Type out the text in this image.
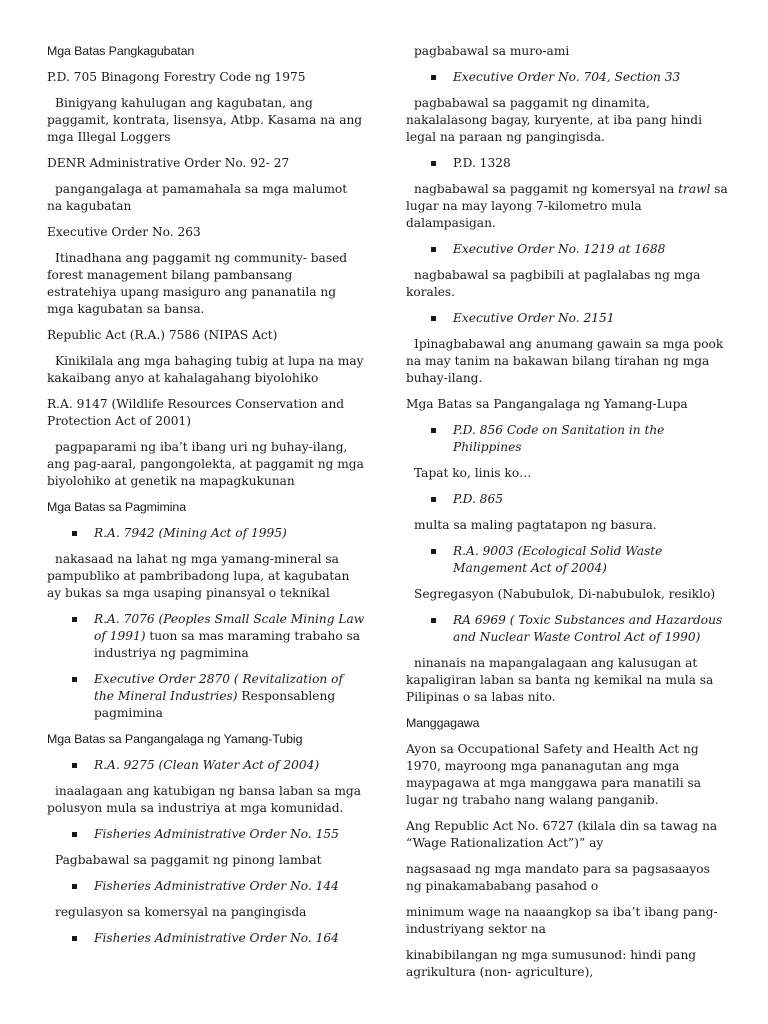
Mga Batas Pangkagubatan
P.D. 705 Binagong Forestry Code ng 1975
Binigyang kahulugan ang kagubatan, ang paggamit, kontrata, lisensya, Atbp. Kasama na ang mga Illegal Loggers
DENR Administrative Order No. 92- 27
pangangalaga at pamamahala sa mga malumot na kagubatan
Executive Order No. 263
Itinadhana ang paggamit ng community- based forest management bilang pambansang estratehiya upang masiguro ang pananatila ng mga kagubatan sa bansa.
Republic Act (R.A.) 7586 (NIPAS Act)
Kinikilala ang mga bahaging tubig at lupa na may kakaibang anyo at kahalagahang biyolohiko
R.A. 9147 (Wildlife Resources Conservation and Protection Act of 2001)
pagpaparami ng iba’t ibang uri ng buhay-ilang, ang pag-aaral, pangongolekta, at paggamit ng mga biyolohiko at genetik na mapagkukunan
Mga Batas sa Pagmimina
R.A. 7942 (Mining Act of 1995)
nakasaad na lahat ng mga yamang-mineral sa pampubliko at pambribadong lupa, at kagubatan ay bukas sa mga usaping pinansyal o teknikal
R.A. 7076 (Peoples Small Scale Mining Law of 1991) tuon sa mas maraming trabaho sa industriya ng pagmimina
Executive Order 2870 ( Revitalization of the Mineral Industries) Responsableng pagmimina
Mga Batas sa Pangangalaga ng Yamang-Tubig
R.A. 9275 (Clean Water Act of 2004)
inaalagaan ang katubigan ng bansa laban sa mga polusyon mula sa industriya at mga komunidad.
Fisheries Administrative Order No. 155
Pagbabawal sa paggamit ng pinong lambat
Fisheries Administrative Order No. 144
regulasyon sa komersyal na pangingisda
Fisheries Administrative Order No. 164
pagbabawal sa muro-ami
Executive Order No. 704, Section 33
pagbabawal sa paggamit ng dinamita, nakalalasong bagay, kuryente, at iba pang hindi legal na paraan ng pangingisda.
P.D. 1328
nagbabawal sa paggamit ng komersyal na trawl sa lugar na may layong 7-kilometro mula dalampasigan.
Executive Order No. 1219 at 1688
nagbabawal sa pagbibili at paglalabas ng mga korales.
Executive Order No. 2151
Ipinagbabawal ang anumang gawain sa mga pook na may tanim na bakawan bilang tirahan ng mga buhay-ilang.
Mga Batas sa Pangangalaga ng Yamang-Lupa
P.D. 856 Code on Sanitation in the Philippines
Tapat ko, linis ko…
P.D. 865
multa sa maling pagtatapon ng basura.
R.A. 9003 (Ecological Solid Waste Mangement Act of 2004)
Segregasyon (Nabubulok, Di-nabubulok, resiklo)
RA 6969 ( Toxic Substances and Hazardous and Nuclear Waste Control Act of 1990)
ninanais na mapangalagaan ang kalusugan at kapaligiran laban sa banta ng kemikal na mula sa Pilipinas o sa labas nito.
Manggagawa
Ayon sa Occupational Safety and Health Act ng 1970, mayroong mga pananagutan ang mga maypagawa at mga manggawa para manatili sa lugar ng trabaho nang walang panganib.
Ang Republic Act No. 6727 (kilala din sa tawag na “Wage Rationalization Act”)” ay
nagsasaad ng mga mandato para sa pagsasaayos ng pinakamababang pasahod o
minimum wage na naaangkop sa iba’t ibang pang-industriyang sektor na
kinabibilangan ng mga sumusunod: hindi pang agrikultura (non- agriculture),
